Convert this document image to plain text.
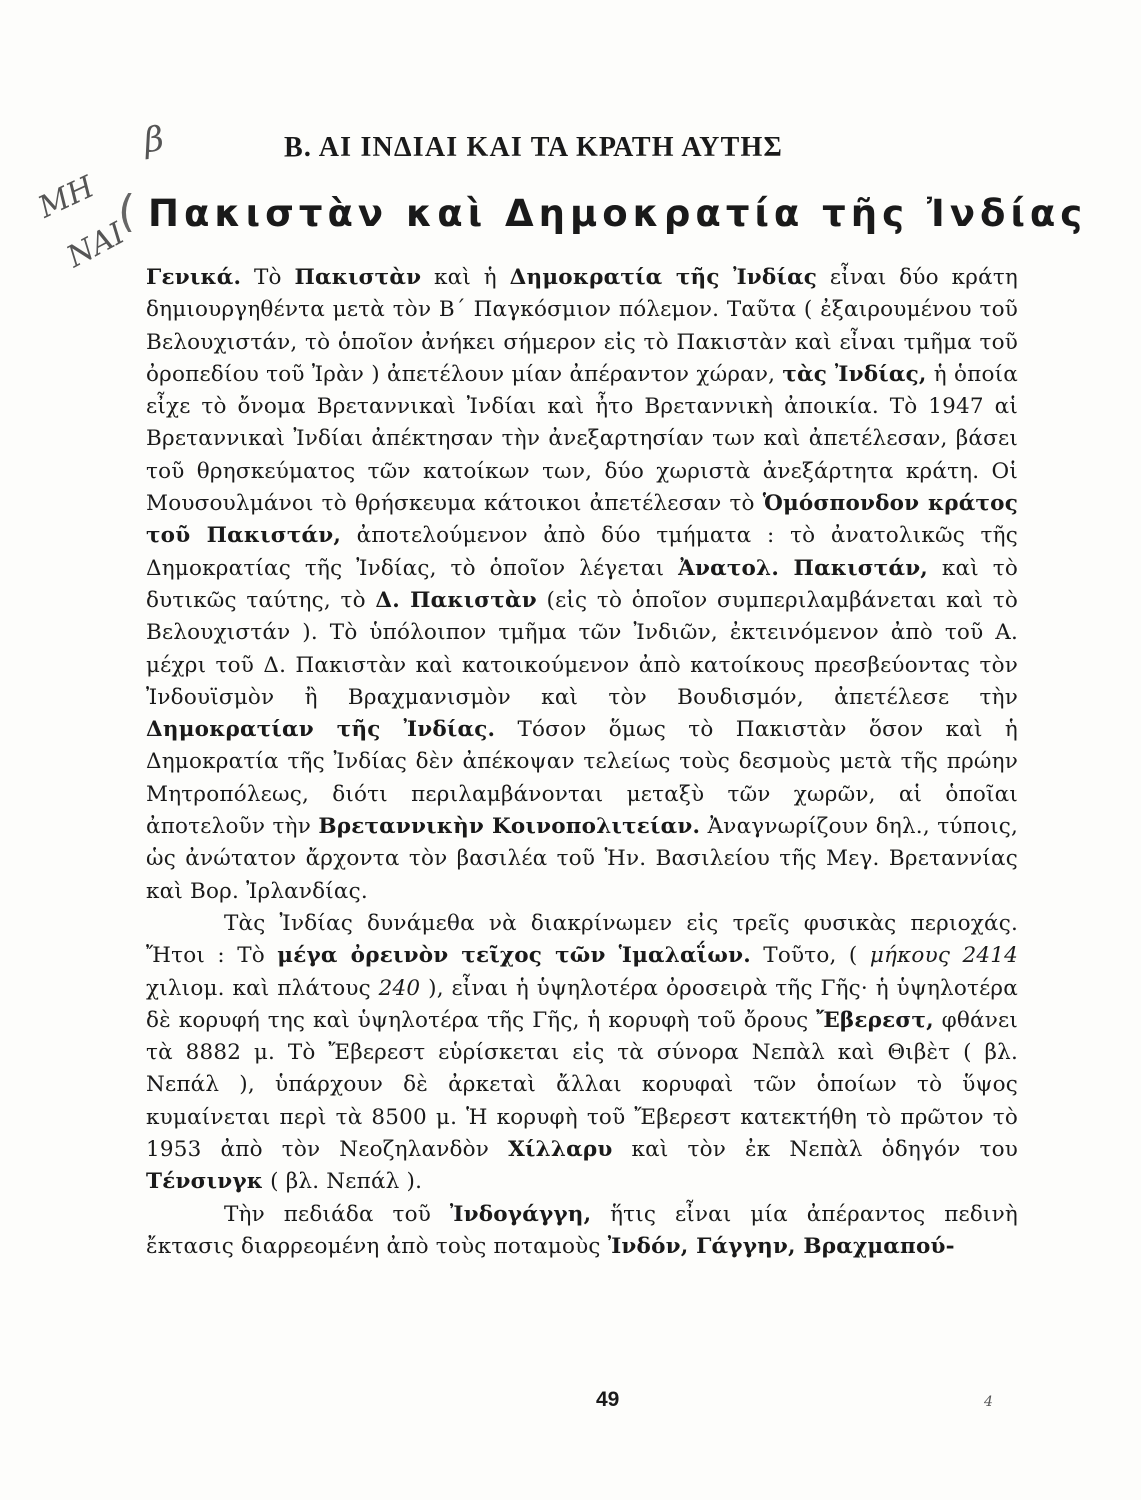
β
ΜΗ
ΝΑΙ
Β. ΑΙ ΙΝΔΙΑΙ ΚΑΙ ΤΑ ΚΡΑΤΗ ΑΥΤΗΣ
( Πακιστὰν καὶ Δημοκρατία τῆς Ἰνδίας

Γενικά. Τὸ Πακιστὰν καὶ ἡ Δημοκρατία τῆς Ἰνδίας εἶναι δύο κράτη δημιουργηθέντα μετὰ τὸν Β΄ Παγκόσμιον πόλεμον. Ταῦτα ( ἐξαιρουμένου τοῦ Βελουχιστάν, τὸ ὁποῖον ἀνήκει σήμερον εἰς τὸ Πακιστὰν καὶ εἶναι τμῆμα τοῦ ὀροπεδίου τοῦ Ἰρὰν ) ἀπετέλουν μίαν ἀπέραντον χώραν, τὰς Ἰνδίας, ἡ ὁποία εἶχε τὸ ὄνομα Βρεταννικαὶ Ἰνδίαι καὶ ἦτο Βρεταννικὴ ἀποικία. Τὸ 1947 αἱ Βρεταννικαὶ Ἰνδίαι ἀπέκτησαν τὴν ἀνεξαρτησίαν των καὶ ἀπετέλεσαν, βάσει τοῦ θρησκεύματος τῶν κατοίκων των, δύο χωριστὰ ἀνεξάρτητα κράτη. Οἱ Μουσουλμάνοι τὸ θρήσκευμα κάτοικοι ἀπετέλεσαν τὸ Ὁμόσπονδον κράτος τοῦ Πακιστάν, ἀποτελούμενον ἀπὸ δύο τμήματα : τὸ ἀνατολικῶς τῆς Δημοκρατίας τῆς Ἰνδίας, τὸ ὁποῖον λέγεται Ἀνατολ. Πακιστάν, καὶ τὸ δυτικῶς ταύτης, τὸ Δ. Πακιστὰν (εἰς τὸ ὁποῖον συμπεριλαμβάνεται καὶ τὸ Βελουχιστάν ). Τὸ ὑπόλοιπον τμῆμα τῶν Ἰνδιῶν, ἐκτεινόμενον ἀπὸ τοῦ Α. μέχρι τοῦ Δ. Πακιστὰν καὶ κατοικούμενον ἀπὸ κατοίκους πρεσβεύοντας τὸν Ἰνδουϊσμὸν ἢ Βραχμανισμὸν καὶ τὸν Βουδισμόν, ἀπετέλεσε τὴν Δημοκρατίαν τῆς Ἰνδίας. Τόσον ὅμως τὸ Πακιστὰν ὅσον καὶ ἡ Δημοκρατία τῆς Ἰνδίας δὲν ἀπέκοψαν τελείως τοὺς δεσμοὺς μετὰ τῆς πρώην Μητροπόλεως, διότι περιλαμβάνονται μεταξὺ τῶν χωρῶν, αἱ ὁποῖαι ἀποτελοῦν τὴν Βρεταννικὴν Κοινοπολιτείαν. Ἀναγνωρίζουν δηλ., τύποις, ὡς ἀνώτατον ἄρχοντα τὸν βασιλέα τοῦ Ἡν. Βασιλείου τῆς Μεγ. Βρεταννίας καὶ Βορ. Ἰρλανδίας.

Τὰς Ἰνδίας δυνάμεθα νὰ διακρίνωμεν εἰς τρεῖς φυσικὰς περιοχάς. Ἤτοι : Τὸ μέγα ὀρεινὸν τεῖχος τῶν Ἱμαλαΐων. Τοῦτο, ( μήκους 2414 χιλιομ. καὶ πλάτους 240 ), εἶναι ἡ ὑψηλοτέρα ὀροσειρὰ τῆς Γῆς· ἡ ὑψηλοτέρα δὲ κορυφή της καὶ ὑψηλοτέρα τῆς Γῆς, ἡ κορυφὴ τοῦ ὄρους Ἔβερεστ, φθάνει τὰ 8882 μ. Τὸ Ἔβερεστ εὑρίσκεται εἰς τὰ σύνορα Νεπὰλ καὶ Θιβὲτ ( βλ. Νεπάλ ), ὑπάρχουν δὲ ἀρκεταὶ ἄλλαι κορυφαὶ τῶν ὁποίων τὸ ὕψος κυμαίνεται περὶ τὰ 8500 μ. Ἡ κορυφὴ τοῦ Ἔβερεστ κατεκτήθη τὸ πρῶτον τὸ 1953 ἀπὸ τὸν Νεοζηλανδὸν Χίλλαρυ καὶ τὸν ἐκ Νεπὰλ ὁδηγόν του Τένσινγκ ( βλ. Νεπάλ ).

Τὴν πεδιάδα τοῦ Ἰνδογάγγη, ἥτις εἶναι μία ἀπέραντος πεδινὴ ἔκτασις διαρρεομένη ἀπὸ τοὺς ποταμοὺς Ἰνδόν, Γάγγην, Βραχμαπού-

49	4
